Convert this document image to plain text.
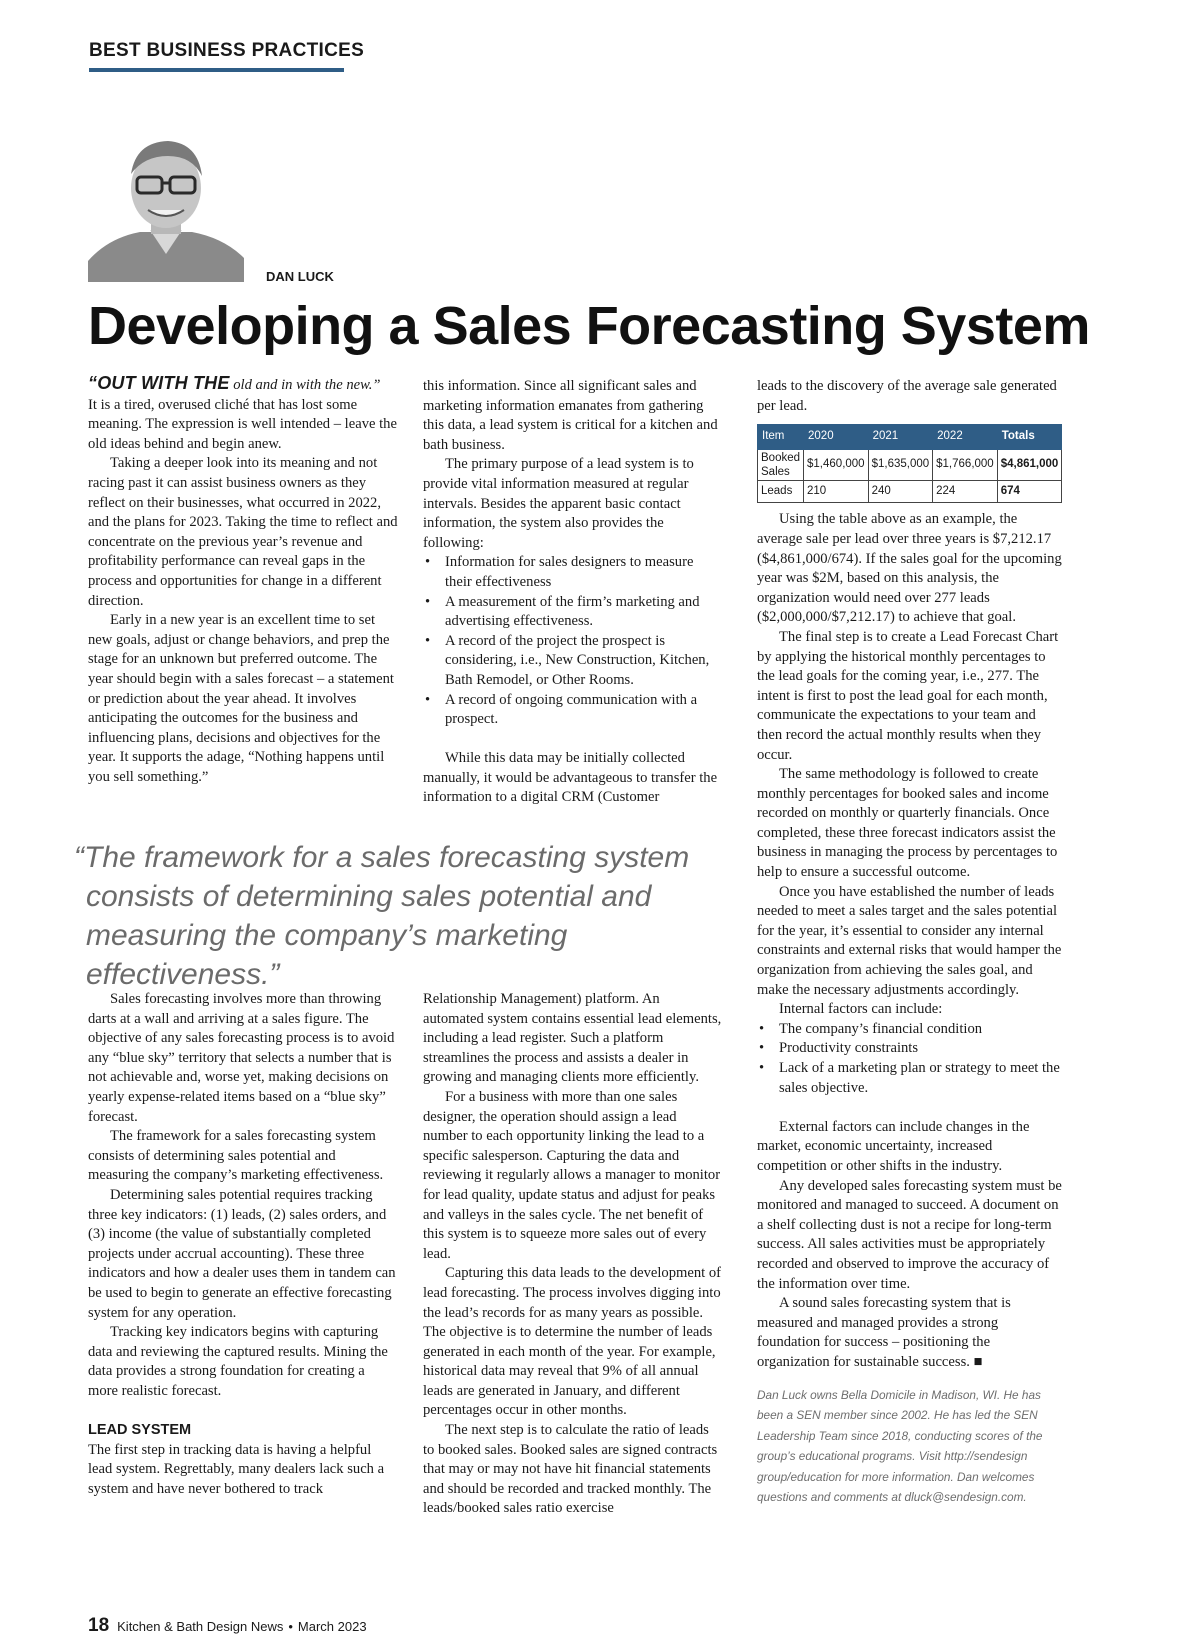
BEST BUSINESS PRACTICES
DAN LUCK
Developing a Sales Forecasting System

“OUT WITH THE old and in with the new.”

It is a tired, overused cliché that has lost some meaning. The expression is well intended – leave the old ideas behind and begin anew.

Taking a deeper look into its meaning and not racing past it can assist business owners as they reflect on their businesses, what occurred in 2022, and the plans for 2023. Taking the time to reflect and concentrate on the previous year’s revenue and profitability performance can reveal gaps in the process and opportunities for change in a different direction.

Early in a new year is an excellent time to set new goals, adjust or change behaviors, and prep the stage for an unknown but preferred outcome. The year should begin with a sales forecast – a statement or prediction about the year ahead. It involves anticipating the outcomes for the business and influencing plans, decisions and objectives for the year. It supports the adage, “Nothing happens until you sell something.”

this information. Since all significant sales and marketing information emanates from gathering this data, a lead system is critical for a kitchen and bath business.

The primary purpose of a lead system is to provide vital information measured at regular intervals. Besides the apparent basic contact information, the system also provides the following:

• Information for sales designers to measure their effectiveness
• A measurement of the firm’s marketing and advertising effectiveness.
• A record of the project the prospect is considering, i.e., New Construction, Kitchen, Bath Remodel, or Other Rooms.
• A record of ongoing communication with a prospect.

While this data may be initially collected manually, it would be advantageous to transfer the information to a digital CRM (Customer

“The framework for a sales forecasting system
consists of determining sales potential and
measuring the company’s marketing effectiveness.”

Sales forecasting involves more than throwing darts at a wall and arriving at a sales figure. The objective of any sales forecasting process is to avoid any “blue sky” territory that selects a number that is not achievable and, worse yet, making decisions on yearly expense-related items based on a “blue sky” forecast.

The framework for a sales forecasting system consists of determining sales potential and measuring the company’s marketing effectiveness.

Determining sales potential requires tracking three key indicators: (1) leads, (2) sales orders, and (3) income (the value of substantially completed projects under accrual accounting). These three indicators and how a dealer uses them in tandem can be used to begin to generate an effective forecasting system for any operation.

Tracking key indicators begins with capturing data and reviewing the captured results. Mining the data provides a strong foundation for creating a more realistic forecast.

LEAD SYSTEM

The first step in tracking data is having a helpful lead system. Regrettably, many dealers lack such a system and have never bothered to track

Relationship Management) platform. An automated system contains essential lead elements, including a lead register. Such a platform streamlines the process and assists a dealer in growing and managing clients more efficiently.

For a business with more than one sales designer, the operation should assign a lead number to each opportunity linking the lead to a specific salesperson. Capturing the data and reviewing it regularly allows a manager to monitor for lead quality, update status and adjust for peaks and valleys in the sales cycle. The net benefit of this system is to squeeze more sales out of every lead.

Capturing this data leads to the development of lead forecasting. The process involves digging into the lead’s records for as many years as possible. The objective is to determine the number of leads generated in each month of the year. For example, historical data may reveal that 9% of all annual leads are generated in January, and different percentages occur in other months.

The next step is to calculate the ratio of leads to booked sales. Booked sales are signed contracts that may or may not have hit financial statements and should be recorded and tracked monthly. The leads/booked sales ratio exercise

leads to the discovery of the average sale generated per lead.

Item	2020	2021	2022	Totals
Booked Sales	$1,460,000	$1,635,000	$1,766,000	$4,861,000
Leads	210	240	224	674

Using the table above as an example, the average sale per lead over three years is $7,212.17 ($4,861,000/674). If the sales goal for the upcoming year was $2M, based on this analysis, the organization would need over 277 leads ($2,000,000/$7,212.17) to achieve that goal.

The final step is to create a Lead Forecast Chart by applying the historical monthly percentages to the lead goals for the coming year, i.e., 277. The intent is first to post the lead goal for each month, communicate the expectations to your team and then record the actual monthly results when they occur.

The same methodology is followed to create monthly percentages for booked sales and income recorded on monthly or quarterly financials. Once completed, these three forecast indicators assist the business in managing the process by percentages to help to ensure a successful outcome.

Once you have established the number of leads needed to meet a sales target and the sales potential for the year, it’s essential to consider any internal constraints and external risks that would hamper the organization from achieving the sales goal, and make the necessary adjustments accordingly.

Internal factors can include:

• The company’s financial condition
• Productivity constraints
• Lack of a marketing plan or strategy to meet the sales objective.

External factors can include changes in the market, economic uncertainty, increased competition or other shifts in the industry.

Any developed sales forecasting system must be monitored and managed to succeed. A document on a shelf collecting dust is not a recipe for long-term success. All sales activities must be appropriately recorded and observed to improve the accuracy of the information over time.

A sound sales forecasting system that is measured and managed provides a strong foundation for success – positioning the organization for sustainable success. ■

Dan Luck owns Bella Domicile in Madison, WI. He has been a SEN member since 2002. He has led the SEN Leadership Team since 2018, conducting scores of the group’s educational programs. Visit http://sendesign group/education for more information. Dan welcomes questions and comments at dluck@sendesign.com.

18 Kitchen & Bath Design News • March 2023
